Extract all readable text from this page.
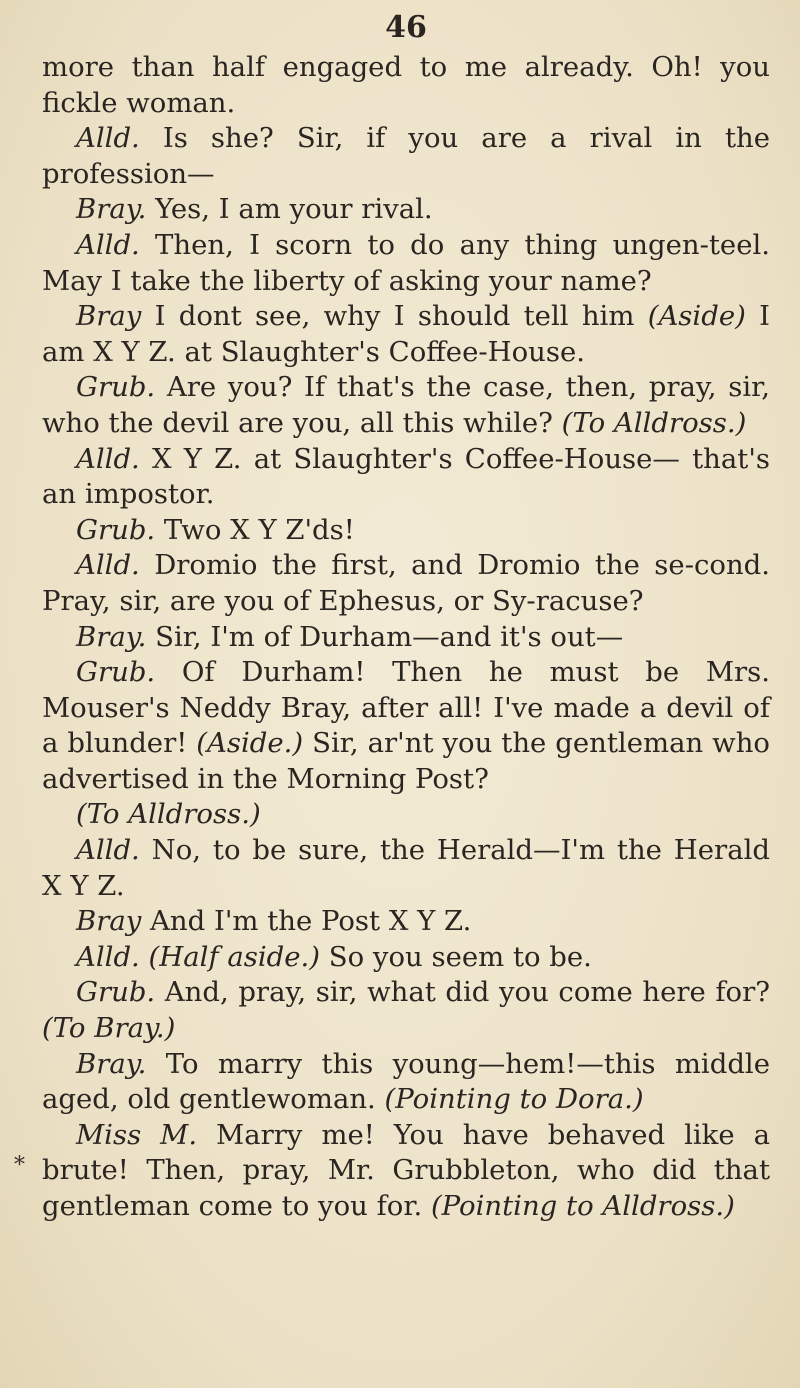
46

more than half engaged to me already. Oh! you fickle woman.

Alld. Is she? Sir, if you are a rival in the profession—

Bray. Yes, I am your rival.

Alld. Then, I scorn to do any thing ungen-teel. May I take the liberty of asking your name?

Bray I dont see, why I should tell him (Aside) I am X Y Z. at Slaughter's Coffee-House.

Grub. Are you? If that's the case, then, pray, sir, who the devil are you, all this while? (To Alldross.)

Alld. X Y Z. at Slaughter's Coffee-House— that's an impostor.

Grub. Two X Y Z'ds!

Alld. Dromio the first, and Dromio the se-cond. Pray, sir, are you of Ephesus, or Sy-racuse?

Bray. Sir, I'm of Durham—and it's out—

Grub. Of Durham! Then he must be Mrs. Mouser's Neddy Bray, after all! I've made a devil of a blunder! (Aside.) Sir, ar'nt you the gentleman who advertised in the Morning Post?

(To Alldross.)

Alld. No, to be sure, the Herald—I'm the Herald X Y Z.

Bray And I'm the Post X Y Z.

Alld. (Half aside.) So you seem to be.

Grub. And, pray, sir, what did you come here for? (To Bray.)

Bray. To marry this young—hem!—this middle aged, old gentlewoman. (Pointing to Dora.)

Miss M. Marry me! You have behaved like a brute! Then, pray, Mr. Grubbleton, who did that gentleman come to you for. (Pointing to Alldross.)

*
